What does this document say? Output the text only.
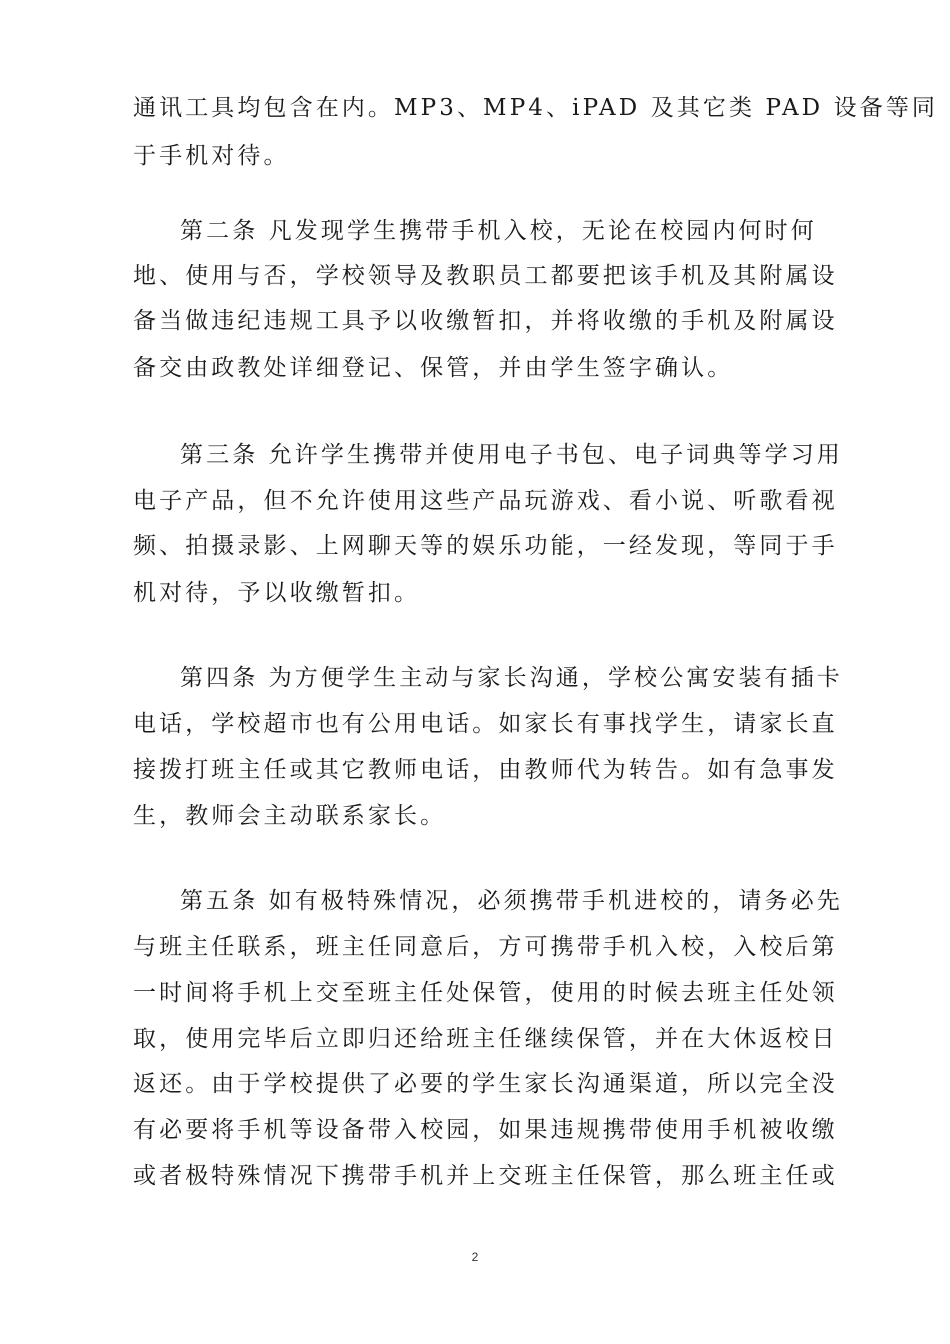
通讯工具均包含在内。MP3、MP4、iPAD 及其它类 PAD 设备等同
于手机对待。
第二条 凡发现学生携带手机入校，无论在校园内何时何
地、使用与否，学校领导及教职员工都要把该手机及其附属设
备当做违纪违规工具予以收缴暂扣，并将收缴的手机及附属设
备交由政教处详细登记、保管，并由学生签字确认。
第三条 允许学生携带并使用电子书包、电子词典等学习用
电子产品，但不允许使用这些产品玩游戏、看小说、听歌看视
频、拍摄录影、上网聊天等的娱乐功能，一经发现，等同于手
机对待，予以收缴暂扣。
第四条 为方便学生主动与家长沟通，学校公寓安装有插卡
电话，学校超市也有公用电话。如家长有事找学生，请家长直
接拨打班主任或其它教师电话，由教师代为转告。如有急事发
生，教师会主动联系家长。
第五条 如有极特殊情况，必须携带手机进校的，请务必先
与班主任联系，班主任同意后，方可携带手机入校，入校后第
一时间将手机上交至班主任处保管，使用的时候去班主任处领
取，使用完毕后立即归还给班主任继续保管，并在大休返校日
返还。由于学校提供了必要的学生家长沟通渠道，所以完全没
有必要将手机等设备带入校园，如果违规携带使用手机被收缴
或者极特殊情况下携带手机并上交班主任保管，那么班主任或
2
